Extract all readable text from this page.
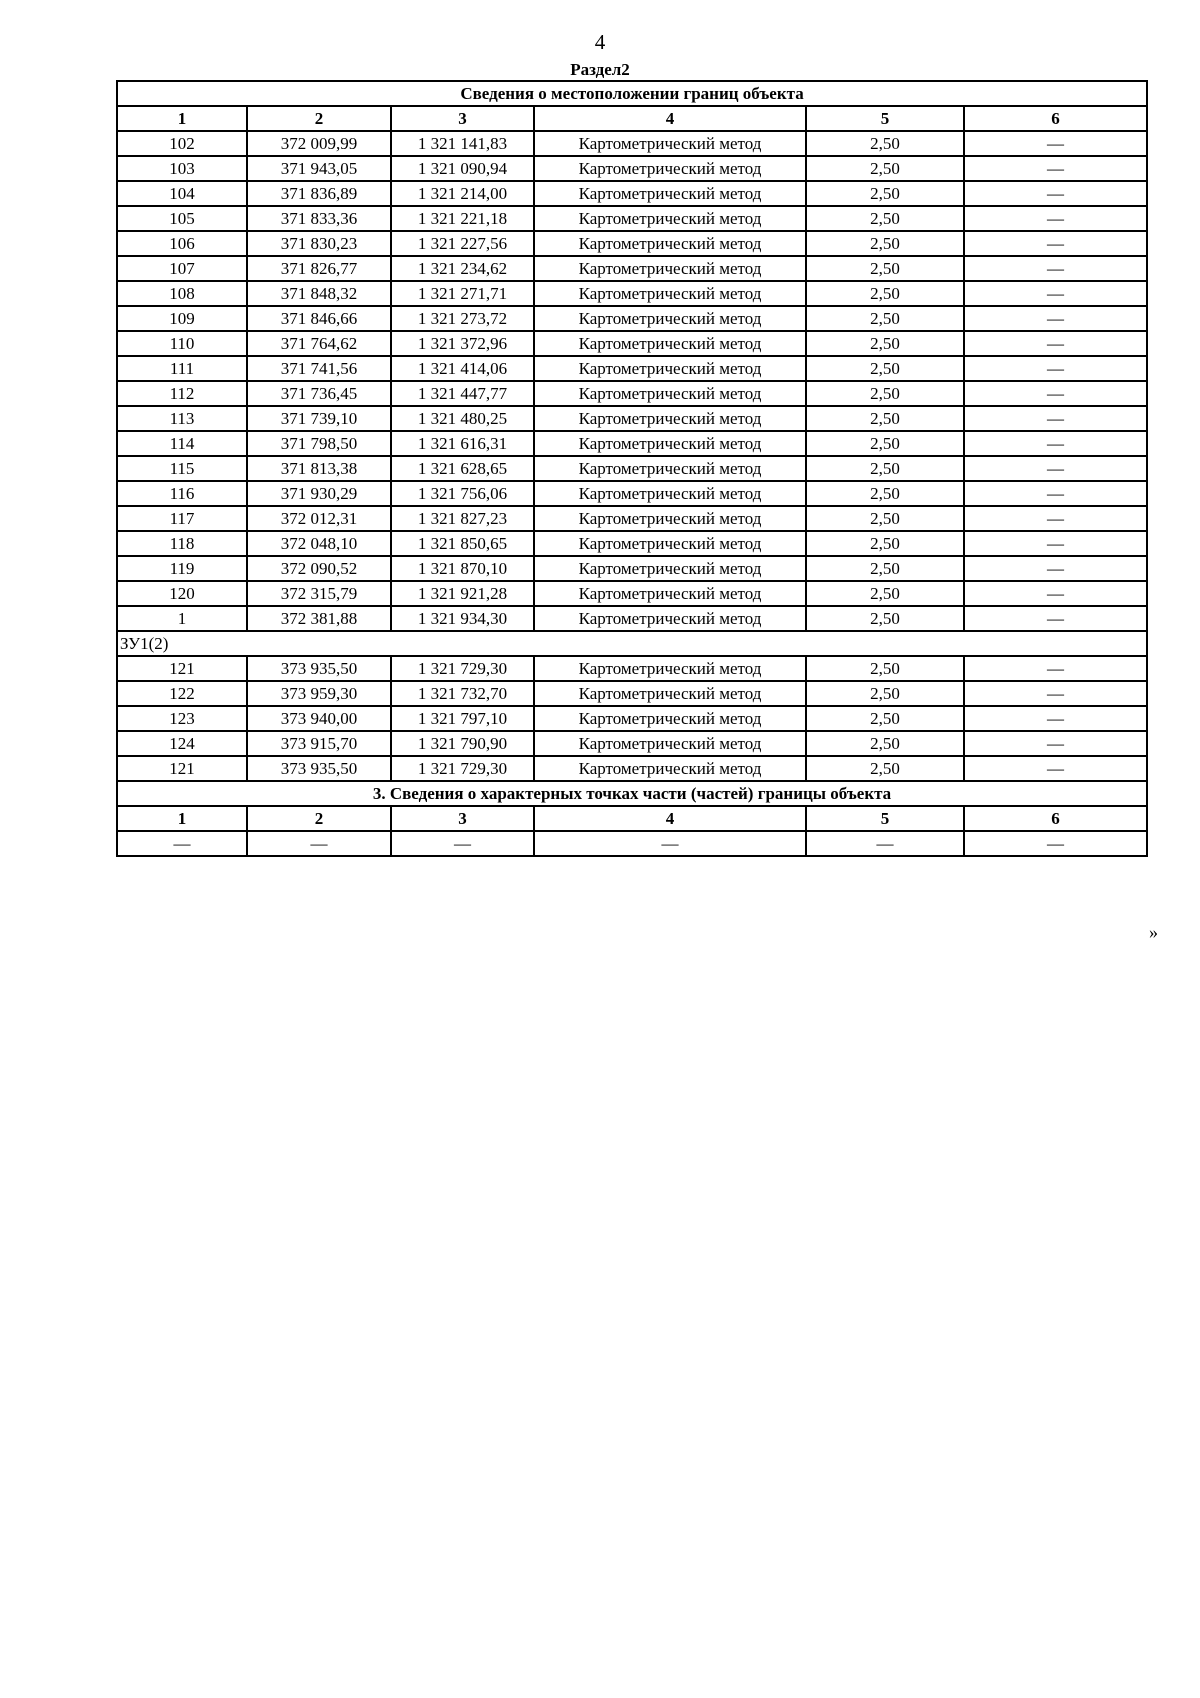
4
Раздел2
Сведения о местоположении границ объекта					
1	2	3	4	5	6
102	372 009,99	1 321 141,83	Картометрический метод	2,50	—
103	371 943,05	1 321 090,94	Картометрический метод	2,50	—
104	371 836,89	1 321 214,00	Картометрический метод	2,50	—
105	371 833,36	1 321 221,18	Картометрический метод	2,50	—
106	371 830,23	1 321 227,56	Картометрический метод	2,50	—
107	371 826,77	1 321 234,62	Картометрический метод	2,50	—
108	371 848,32	1 321 271,71	Картометрический метод	2,50	—
109	371 846,66	1 321 273,72	Картометрический метод	2,50	—
110	371 764,62	1 321 372,96	Картометрический метод	2,50	—
111	371 741,56	1 321 414,06	Картометрический метод	2,50	—
112	371 736,45	1 321 447,77	Картометрический метод	2,50	—
113	371 739,10	1 321 480,25	Картометрический метод	2,50	—
114	371 798,50	1 321 616,31	Картометрический метод	2,50	—
115	371 813,38	1 321 628,65	Картометрический метод	2,50	—
116	371 930,29	1 321 756,06	Картометрический метод	2,50	—
117	372 012,31	1 321 827,23	Картометрический метод	2,50	—
118	372 048,10	1 321 850,65	Картометрический метод	2,50	—
119	372 090,52	1 321 870,10	Картометрический метод	2,50	—
120	372 315,79	1 321 921,28	Картометрический метод	2,50	—
1	372 381,88	1 321 934,30	Картометрический метод	2,50	—
ЗУ1(2)					
121	373 935,50	1 321 729,30	Картометрический метод	2,50	—
122	373 959,30	1 321 732,70	Картометрический метод	2,50	—
123	373 940,00	1 321 797,10	Картометрический метод	2,50	—
124	373 915,70	1 321 790,90	Картометрический метод	2,50	—
121	373 935,50	1 321 729,30	Картометрический метод	2,50	—
3. Сведения о характерных точках части (частей) границы объекта					
1	2	3	4	5	6
—	—	—	—	—	—
»
